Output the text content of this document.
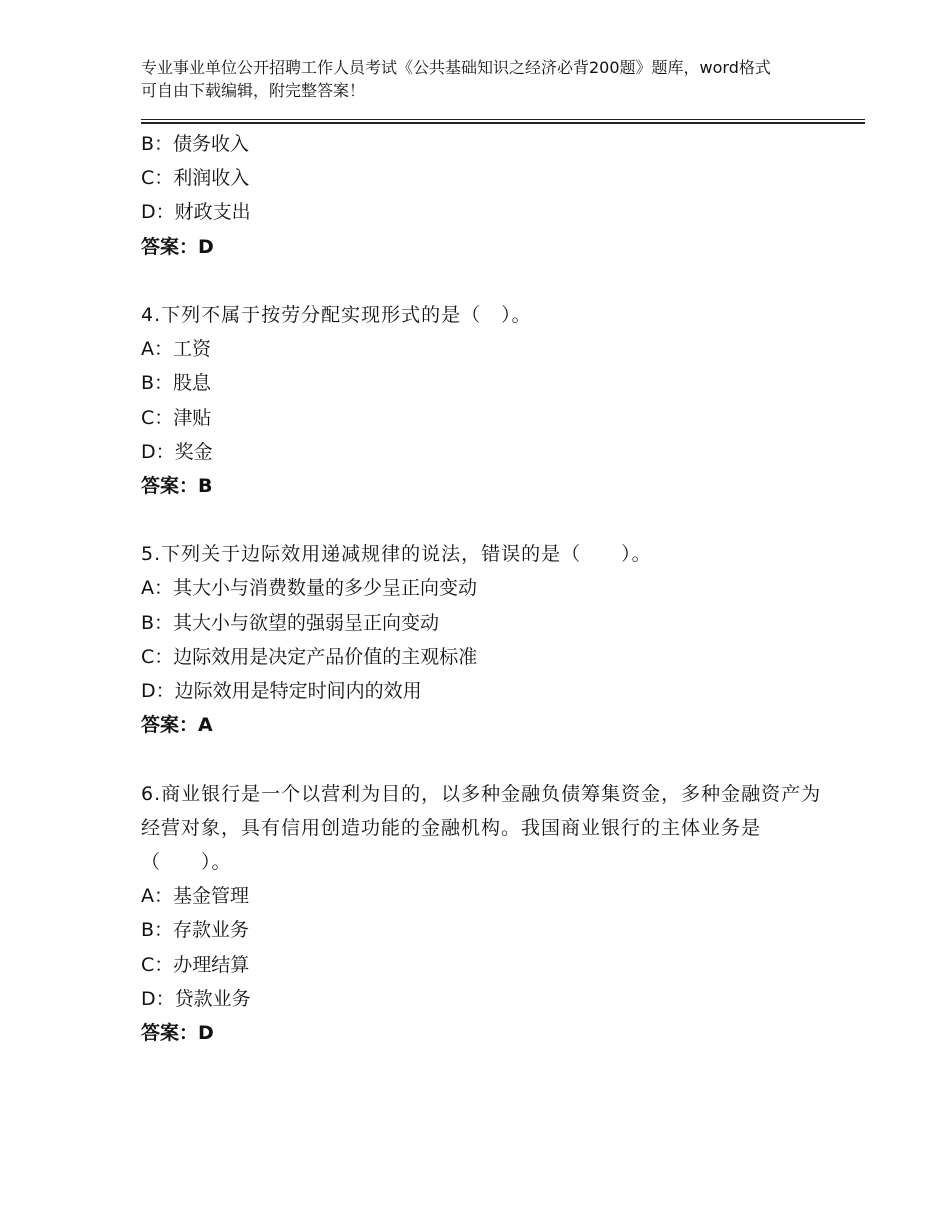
专业事业单位公开招聘工作人员考试《公共基础知识之经济必背200题》题库，word格式可自由下载编辑，附完整答案！
B：债务收入
C：利润收入
D：财政支出
答案：D
4.下列不属于按劳分配实现形式的是（　）。
A：工资
B：股息
C：津贴
D：奖金
答案：B
5.下列关于边际效用递减规律的说法，错误的是（　　）。
A：其大小与消费数量的多少呈正向变动
B：其大小与欲望的强弱呈正向变动
C：边际效用是决定产品价值的主观标准
D：边际效用是特定时间内的效用
答案：A
6.商业银行是一个以营利为目的，以多种金融负债筹集资金，多种金融资产为经营对象，具有信用创造功能的金融机构。我国商业银行的主体业务是（　　）。
A：基金管理
B：存款业务
C：办理结算
D：贷款业务
答案：D
